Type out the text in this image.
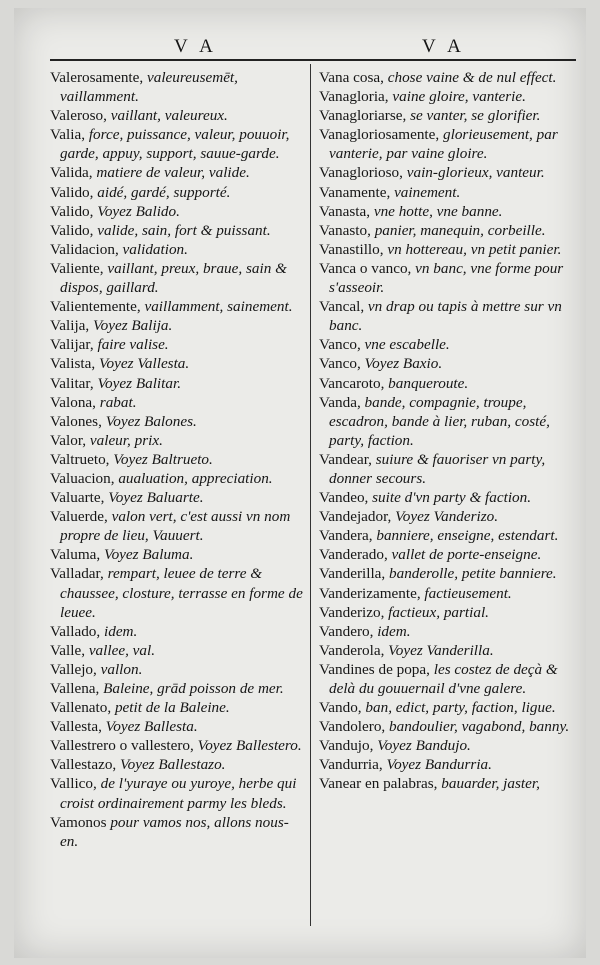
V A	V A
Valerosamente, valeureusemēt, vaillamment.
Valeroso, vaillant, valeureux.
Valia, force, puissance, valeur, pouuoir, garde, appuy, support, sauue-garde.
Valida, matiere de valeur, valide.
Valido, aidé, gardé, supporté.
Valido, Voyez Balido.
Valido, valide, sain, fort & puissant.
Validacion, validation.
Valiente, vaillant, preux, braue, sain & dispos, gaillard.
Valientemente, vaillamment, sainement.
Valija, Voyez Balija.
Valijar, faire valise.
Valista, Voyez Vallesta.
Valitar, Voyez Balitar.
Valona, rabat.
Valones, Voyez Balones.
Valor, valeur, prix.
Valtrueto, Voyez Baltrueto.
Valuacion, aualuation, appreciation.
Valuarte, Voyez Baluarte.
Valuerde, valon vert, c'est aussi vn nom propre de lieu, Vauuert.
Valuma, Voyez Baluma.
Valladar, rempart, leuee de terre & chaussee, closture, terrasse en forme de leuee.
Vallado, idem.
Valle, vallee, val.
Vallejo, vallon.
Vallena, Baleine, grād poisson de mer.
Vallenato, petit de la Baleine.
Vallesta, Voyez Ballesta.
Vallestrero o vallestero, Voyez Ballestero.
Vallestazo, Voyez Ballestazo.
Vallico, de l'yuraye ou yuroye, herbe qui croist ordinairement parmy les bleds.
Vamonos pour vamos nos, allons nous-en.
Vana cosa, chose vaine & de nul effect.
Vanagloria, vaine gloire, vanterie.
Vanagloriarse, se vanter, se glorifier.
Vanagloriosamente, glorieusement, par vanterie, par vaine gloire.
Vanaglorioso, vain-glorieux, vanteur.
Vanamente, vainement.
Vanasta, vne hotte, vne banne.
Vanasto, panier, manequin, corbeille.
Vanastillo, vn hottereau, vn petit panier.
Vanca o vanco, vn banc, vne forme pour s'asseoir.
Vancal, vn drap ou tapis à mettre sur vn banc.
Vanco, vne escabelle.
Vanco, Voyez Baxio.
Vancaroto, banqueroute.
Vanda, bande, compagnie, troupe, escadron, bande à lier, ruban, costé, party, faction.
Vandear, suiure & fauoriser vn party, donner secours.
Vandeo, suite d'vn party & faction.
Vandejador, Voyez Vanderizo.
Vandera, banniere, enseigne, estendart.
Vanderado, vallet de porte-enseigne.
Vanderilla, banderolle, petite banniere.
Vanderizamente, factieusement.
Vanderizo, factieux, partial.
Vandero, idem.
Vanderola, Voyez Vanderilla.
Vandines de popa, les costez de deçà & delà du gouuernail d'vne galere.
Vando, ban, edict, party, faction, ligue.
Vandolero, bandoulier, vagabond, banny.
Vandujo, Voyez Bandujo.
Vandurria, Voyez Bandurria.
Vanear en palabras, bauarder, jaster,
